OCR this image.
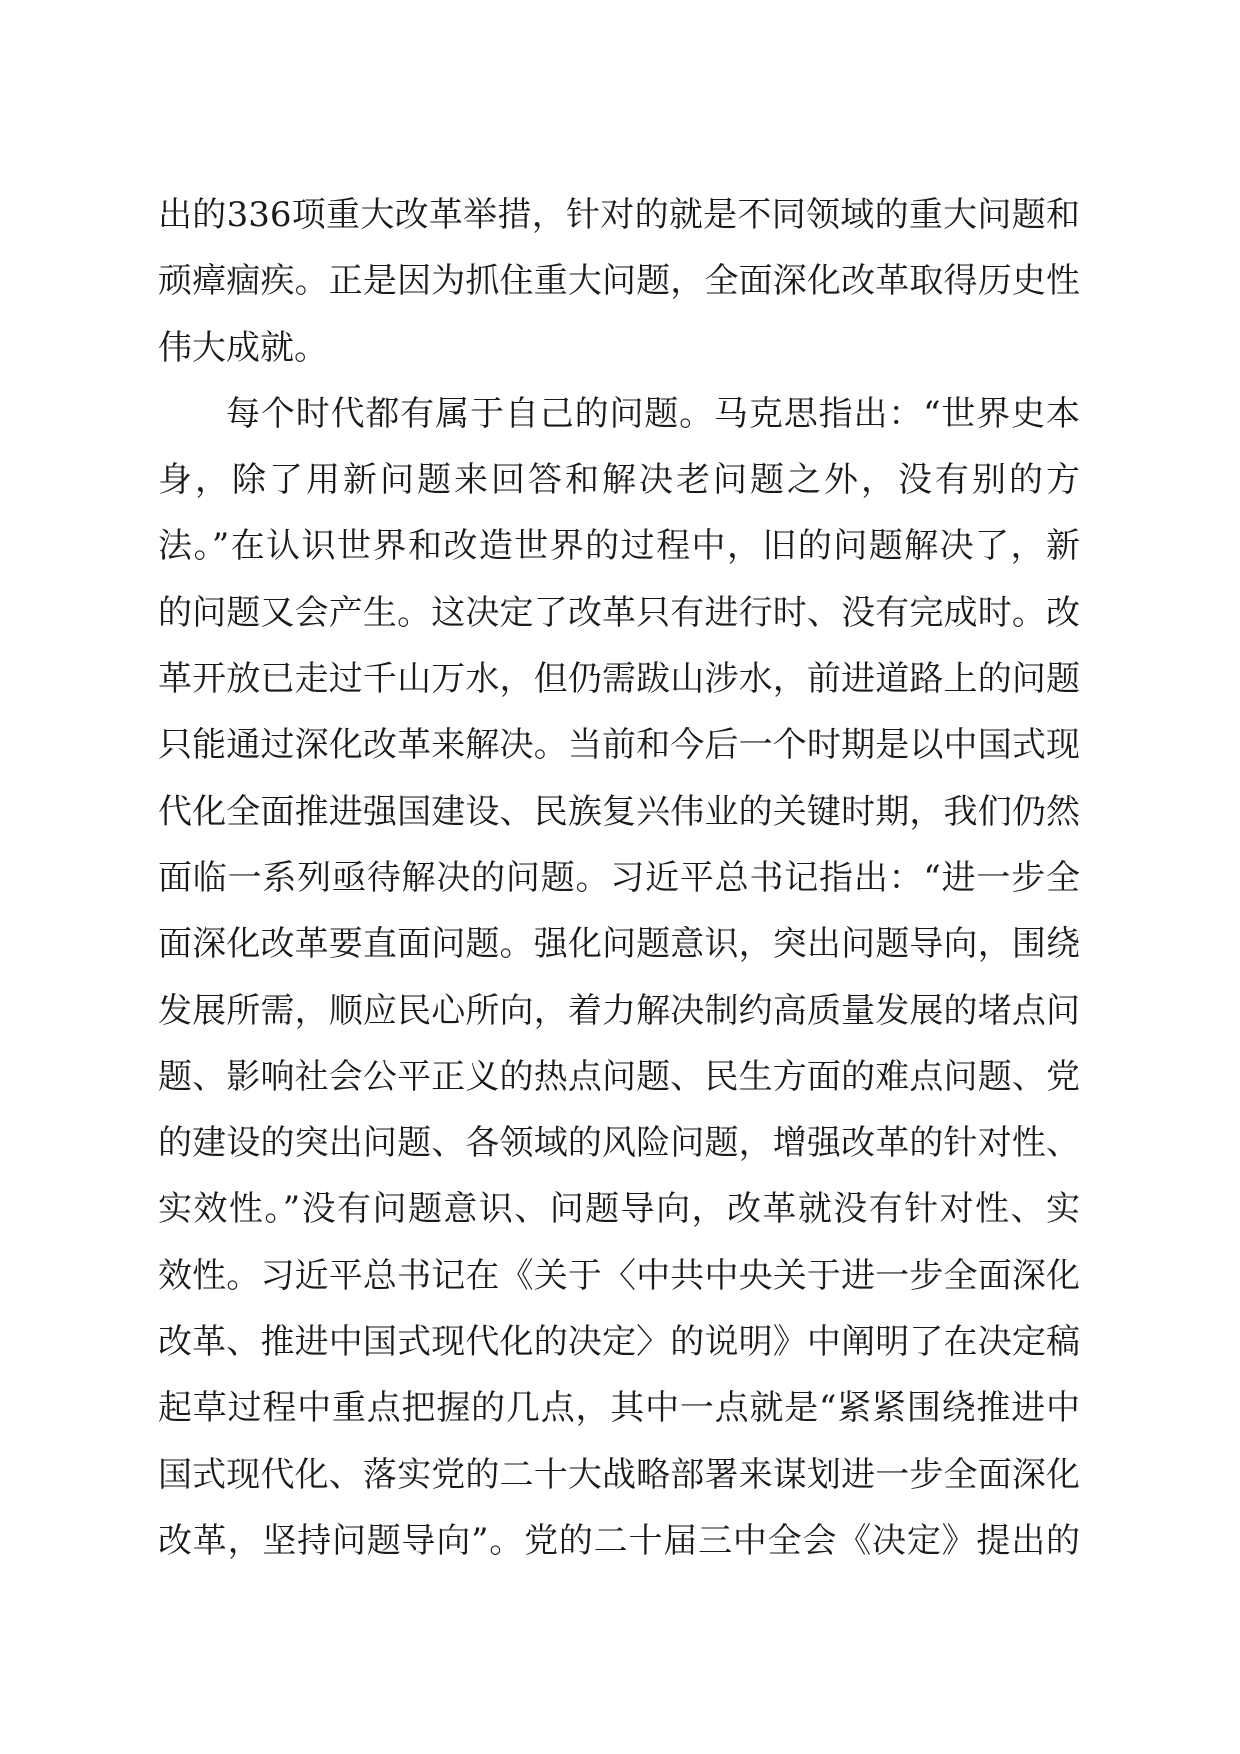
出的336项重大改革举措，针对的就是不同领域的重大问题和
顽瘴痼疾。正是因为抓住重大问题，全面深化改革取得历史性
伟大成就。
每个时代都有属于自己的问题。马克思指出：“世界史本
身，除了用新问题来回答和解决老问题之外，没有别的方
法。”在认识世界和改造世界的过程中，旧的问题解决了，新
的问题又会产生。这决定了改革只有进行时、没有完成时。改
革开放已走过千山万水，但仍需跋山涉水，前进道路上的问题
只能通过深化改革来解决。当前和今后一个时期是以中国式现
代化全面推进强国建设、民族复兴伟业的关键时期，我们仍然
面临一系列亟待解决的问题。习近平总书记指出：“进一步全
面深化改革要直面问题。强化问题意识，突出问题导向，围绕
发展所需，顺应民心所向，着力解决制约高质量发展的堵点问
题、影响社会公平正义的热点问题、民生方面的难点问题、党
的建设的突出问题、各领域的风险问题，增强改革的针对性、
实效性。”没有问题意识、问题导向，改革就没有针对性、实
效性。习近平总书记在《关于〈中共中央关于进一步全面深化
改革、推进中国式现代化的决定〉的说明》中阐明了在决定稿
起草过程中重点把握的几点，其中一点就是“紧紧围绕推进中
国式现代化、落实党的二十大战略部署来谋划进一步全面深化
改革，坚持问题导向”。党的二十届三中全会《决定》提出的
